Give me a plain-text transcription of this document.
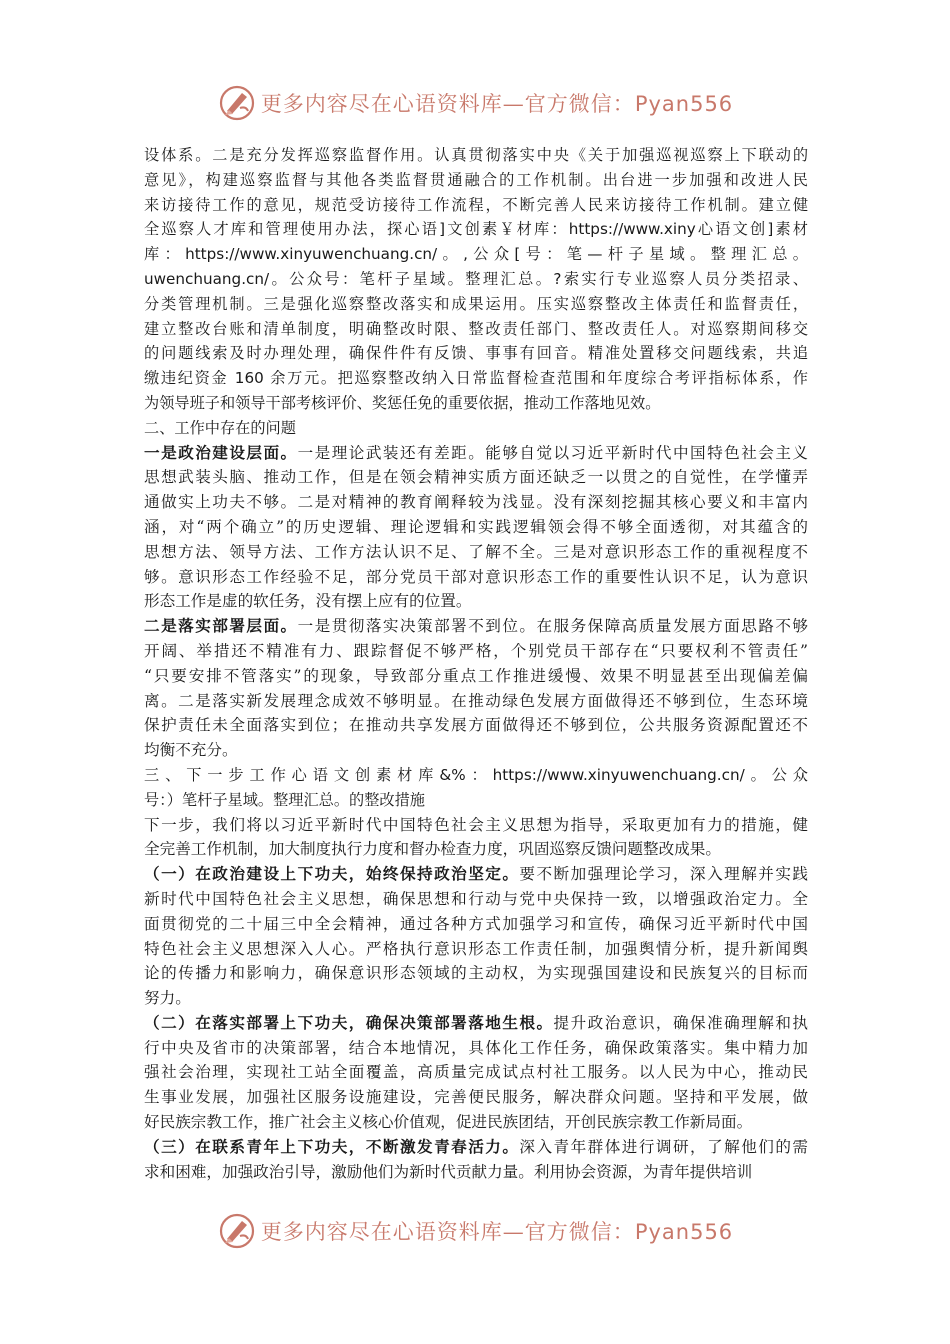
更多内容尽在心语资料库—官方微信：Pyan556
设体系。二是充分发挥巡察监督作用。认真贯彻落实中央《关于加强巡视巡察上下联动的
意见》，构建巡察监督与其他各类监督贯通融合的工作机制。出台进一步加强和改进人民
来访接待工作的意见，规范受访接待工作流程，不断完善人民来访接待工作机制。建立健
全巡察人才库和管理使用办法，探心语]文创素￥材库：https://www.xiny心语文创]素材
库：https://www.xinyuwenchuang.cn/。,公众[号：笔—杆子星域。整理汇总。
uwenchuang.cn/。公众号：笔杆子星域。整理汇总。?索实行专业巡察人员分类招录、
分类管理机制。三是强化巡察整改落实和成果运用。压实巡察整改主体责任和监督责任，
建立整改台账和清单制度，明确整改时限、整改责任部门、整改责任人。对巡察期间移交
的问题线索及时办理处理，确保件件有反馈、事事有回音。精准处置移交问题线索，共追
缴违纪资金 160 余万元。把巡察整改纳入日常监督检查范围和年度综合考评指标体系，作
为领导班子和领导干部考核评价、奖惩任免的重要依据，推动工作落地见效。
二、工作中存在的问题
一是政治建设层面。一是理论武装还有差距。能够自觉以习近平新时代中国特色社会主义
思想武装头脑、推动工作，但是在领会精神实质方面还缺乏一以贯之的自觉性，在学懂弄
通做实上功夫不够。二是对精神的教育阐释较为浅显。没有深刻挖掘其核心要义和丰富内
涵，对“两个确立”的历史逻辑、理论逻辑和实践逻辑领会得不够全面透彻，对其蕴含的
思想方法、领导方法、工作方法认识不足、了解不全。三是对意识形态工作的重视程度不
够。意识形态工作经验不足，部分党员干部对意识形态工作的重要性认识不足，认为意识
形态工作是虚的软任务，没有摆上应有的位置。
二是落实部署层面。一是贯彻落实决策部署不到位。在服务保障高质量发展方面思路不够
开阔、举措还不精准有力、跟踪督促不够严格，个别党员干部存在“只要权利不管责任”
“只要安排不管落实”的现象，导致部分重点工作推进缓慢、效果不明显甚至出现偏差偏
离。二是落实新发展理念成效不够明显。在推动绿色发展方面做得还不够到位，生态环境
保护责任未全面落实到位；在推动共享发展方面做得还不够到位，公共服务资源配置还不
均衡不充分。
三、下一步工作心语文创素材库&%：https://www.xinyuwenchuang.cn/。公众
号：）笔杆子星域。整理汇总。的整改措施
下一步，我们将以习近平新时代中国特色社会主义思想为指导，采取更加有力的措施，健
全完善工作机制，加大制度执行力度和督办检查力度，巩固巡察反馈问题整改成果。
（一）在政治建设上下功夫，始终保持政治坚定。要不断加强理论学习，深入理解并实践
新时代中国特色社会主义思想，确保思想和行动与党中央保持一致，以增强政治定力。全
面贯彻党的二十届三中全会精神，通过各种方式加强学习和宣传，确保习近平新时代中国
特色社会主义思想深入人心。严格执行意识形态工作责任制，加强舆情分析，提升新闻舆
论的传播力和影响力，确保意识形态领域的主动权，为实现强国建设和民族复兴的目标而
努力。
（二）在落实部署上下功夫，确保决策部署落地生根。提升政治意识，确保准确理解和执
行中央及省市的决策部署，结合本地情况，具体化工作任务，确保政策落实。集中精力加
强社会治理，实现社工站全面覆盖，高质量完成试点村社工服务。以人民为中心，推动民
生事业发展，加强社区服务设施建设，完善便民服务，解决群众问题。坚持和平发展，做
好民族宗教工作，推广社会主义核心价值观，促进民族团结，开创民族宗教工作新局面。
（三）在联系青年上下功夫，不断激发青春活力。深入青年群体进行调研，了解他们的需
求和困难，加强政治引导，激励他们为新时代贡献力量。利用协会资源，为青年提供培训
更多内容尽在心语资料库—官方微信：Pyan556
